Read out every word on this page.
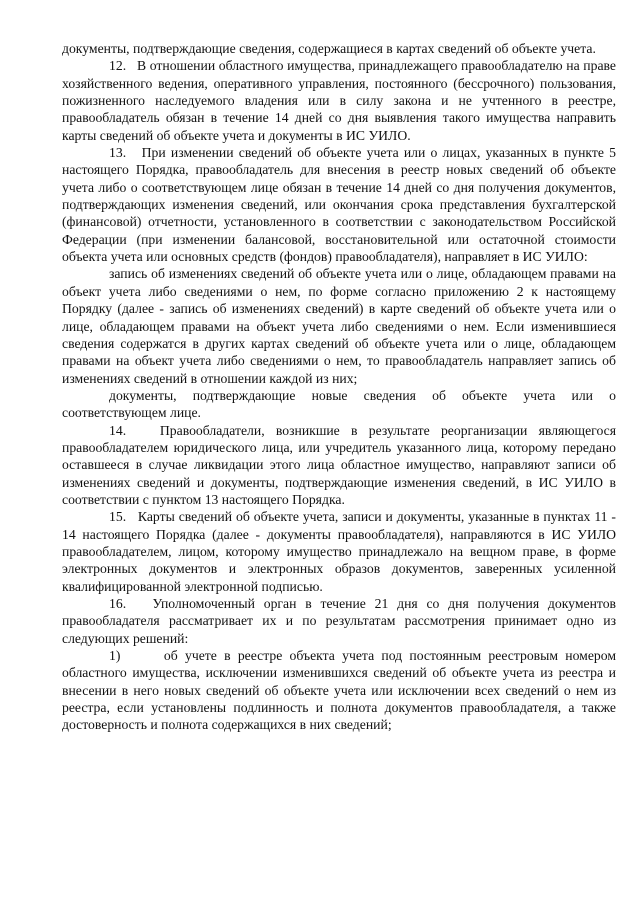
документы, подтверждающие сведения, содержащиеся в картах сведений об объекте учета.

12.   В отношении областного имущества, принадлежащего правообладателю на праве хозяйственного ведения, оперативного управления, постоянного (бессрочного) пользования, пожизненного наследуемого владения или в силу закона и не учтенного в реестре, правообладатель обязан в течение 14 дней со дня выявления такого имущества направить карты сведений об объекте учета и документы в ИС УИЛО.

13.   При изменении сведений об объекте учета или о лицах, указанных в пункте 5 настоящего Порядка, правообладатель для внесения в реестр новых сведений об объекте учета либо о соответствующем лице обязан в течение 14 дней со дня получения документов, подтверждающих изменения сведений, или окончания срока представления бухгалтерской (финансовой) отчетности, установленного в соответствии с законодательством Российской Федерации (при изменении балансовой, восстановительной или остаточной стоимости объекта учета или основных средств (фондов) правообладателя), направляет в ИС УИЛО:

запись об изменениях сведений об объекте учета или о лице, обладающем правами на объект учета либо сведениями о нем, по форме согласно приложению 2 к настоящему Порядку (далее - запись об изменениях сведений) в карте сведений об объекте учета или о лице, обладающем правами на объект учета либо сведениями о нем. Если изменившиеся сведения содержатся в других картах сведений об объекте учета или о лице, обладающем правами на объект учета либо сведениями о нем, то правообладатель направляет запись об изменениях сведений в отношении каждой из них;

документы, подтверждающие новые сведения об объекте учета или о соответствующем лице.

14.   Правообладатели, возникшие в результате реорганизации являющегося правообладателем юридического лица, или учредитель указанного лица, которому передано оставшееся в случае ликвидации этого лица областное имущество, направляют записи об изменениях сведений и документы, подтверждающие изменения сведений, в ИС УИЛО в соответствии с пунктом 13 настоящего Порядка.

15.   Карты сведений об объекте учета, записи и документы, указанные в пунктах 11 - 14 настоящего Порядка (далее - документы правообладателя), направляются в ИС УИЛО правообладателем, лицом, которому имущество принадлежало на вещном праве, в форме электронных документов и электронных образов документов, заверенных усиленной квалифицированной электронной подписью.

16.   Уполномоченный орган в течение 21 дня со дня получения документов правообладателя рассматривает их и по результатам рассмотрения принимает одно из следующих решений:

1)      об учете в реестре объекта учета под постоянным реестровым номером областного имущества, исключении изменившихся сведений об объекте учета из реестра и внесении в него новых сведений об объекте учета или исключении всех сведений о нем из реестра, если установлены подлинность и полнота документов правообладателя, а также достоверность и полнота содержащихся в них сведений;
